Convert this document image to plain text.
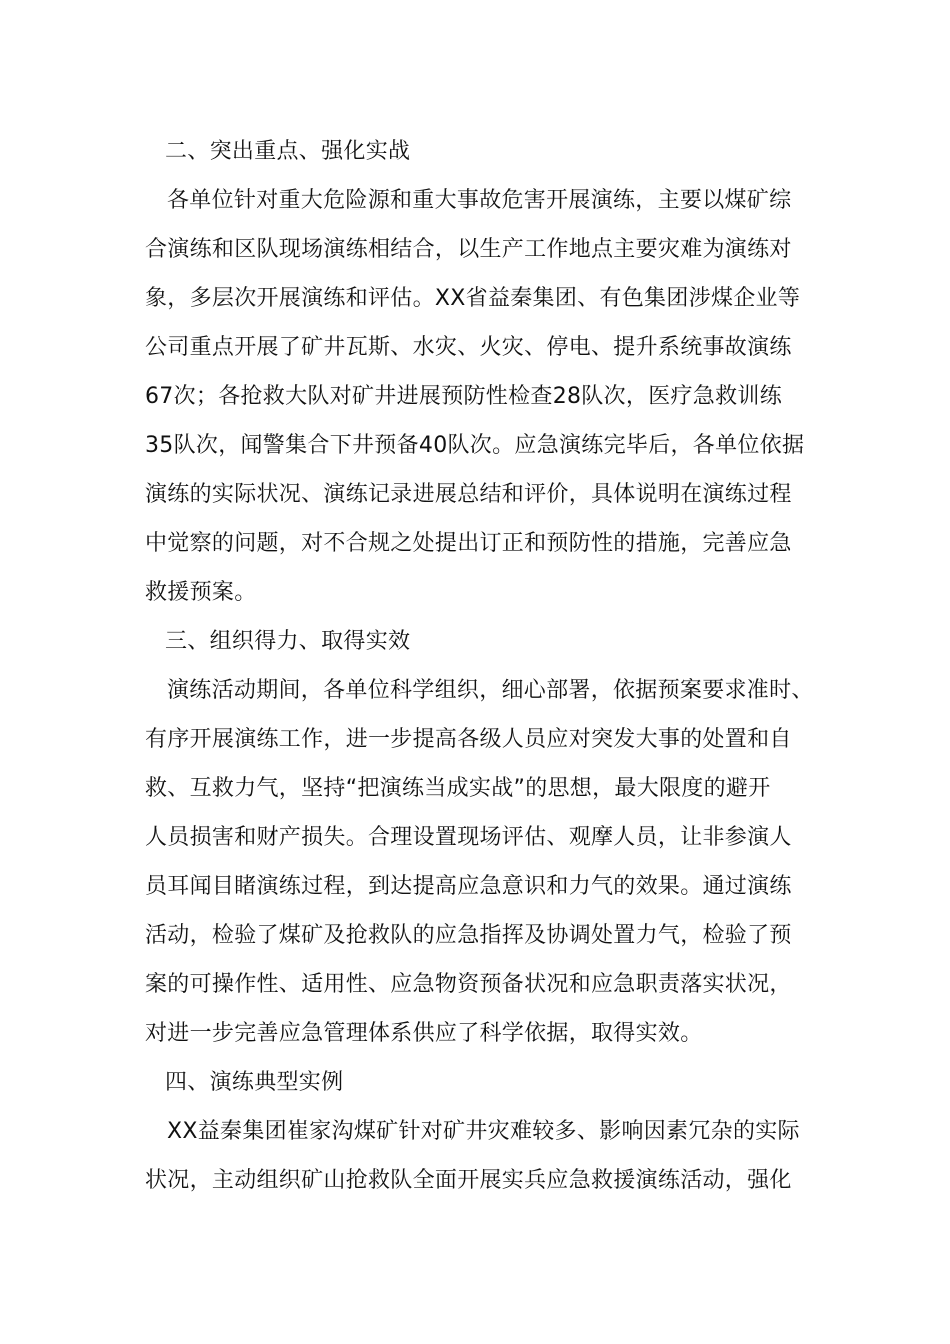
二、突出重点、强化实战
各单位针对重大危险源和重大事故危害开展演练，主要以煤矿综
合演练和区队现场演练相结合，以生产工作地点主要灾难为演练对
象，多层次开展演练和评估。XX省益秦集团、有色集团涉煤企业等
公司重点开展了矿井瓦斯、水灾、火灾、停电、提升系统事故演练
67次；各抢救大队对矿井进展预防性检查28队次，医疗急救训练
35队次，闻警集合下井预备40队次。应急演练完毕后，各单位依据
演练的实际状况、演练记录进展总结和评价，具体说明在演练过程
中觉察的问题，对不合规之处提出订正和预防性的措施，完善应急
救援预案。
三、组织得力、取得实效
演练活动期间，各单位科学组织，细心部署，依据预案要求准时、
有序开展演练工作，进一步提高各级人员应对突发大事的处置和自
救、互救力气，坚持“把演练当成实战”的思想，最大限度的避开
人员损害和财产损失。合理设置现场评估、观摩人员，让非参演人
员耳闻目睹演练过程，到达提高应急意识和力气的效果。通过演练
活动，检验了煤矿及抢救队的应急指挥及协调处置力气，检验了预
案的可操作性、适用性、应急物资预备状况和应急职责落实状况，
对进一步完善应急管理体系供应了科学依据，取得实效。
四、演练典型实例
XX益秦集团崔家沟煤矿针对矿井灾难较多、影响因素冗杂的实际
状况，主动组织矿山抢救队全面开展实兵应急救援演练活动，强化
